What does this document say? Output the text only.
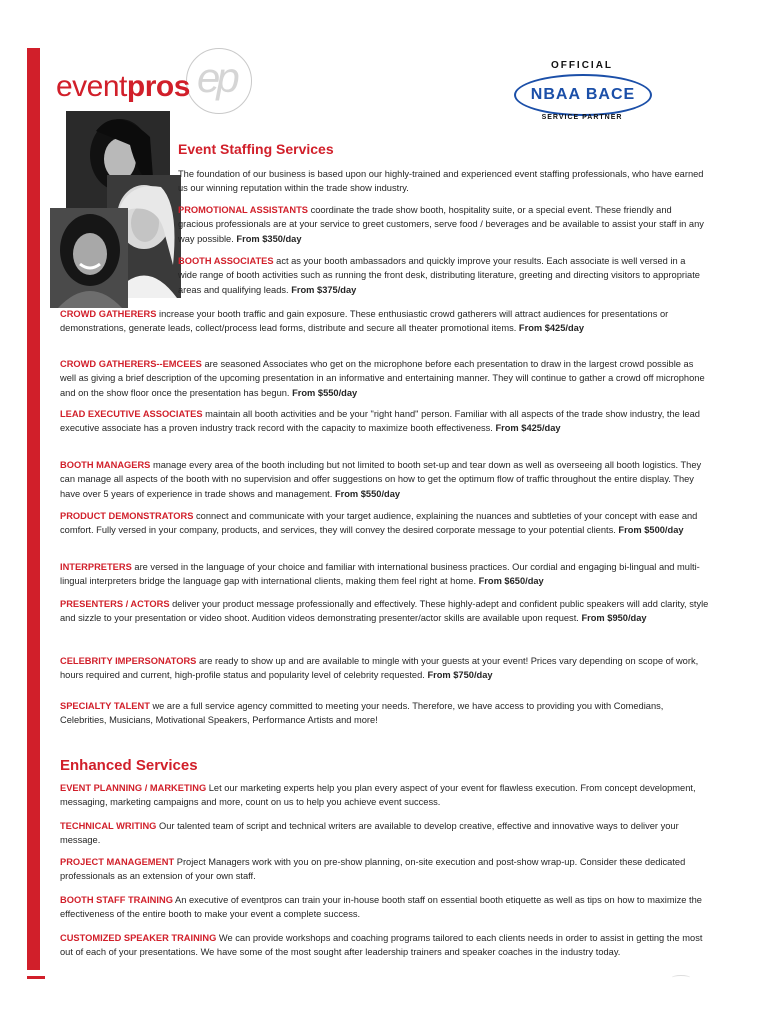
ep
eventpros
OFFICIAL
NBAA BACE
SERVICE PARTNER
Event Staffing Services
The foundation of our business is based upon our highly-trained and experienced event staffing professionals, who have earned us our winning reputation within the trade show industry.
PROMOTIONAL ASSISTANTS coordinate the trade show booth, hospitality suite, or a special event. These friendly and gracious professionals are at your service to greet customers, serve food / beverages and be available to assist your staff in any way possible. From $350/day
BOOTH ASSOCIATES act as your booth ambassadors and quickly improve your results. Each associate is well versed in a wide range of booth activities such as running the front desk, distributing literature, greeting and directing visitors to appropriate areas and qualifying leads. From $375/day
CROWD GATHERERS increase your booth traffic and gain exposure. These enthusiastic crowd gatherers will attract audiences for presentations or demonstrations, generate leads, collect/process lead forms, distribute and secure all theater promotional items. From $425/day
CROWD GATHERERS--EMCEES are seasoned Associates who get on the microphone before each presentation to draw in the largest crowd possible as well as giving a brief description of the upcoming presentation in an informative and entertaining manner. They will continue to gather a crowd off microphone and on the show floor once the presentation has begun. From $550/day
LEAD EXECUTIVE ASSOCIATES maintain all booth activities and be your "right hand" person. Familiar with all aspects of the trade show industry, the lead executive associate has a proven industry track record with the capacity to maximize booth effectiveness. From $425/day
BOOTH MANAGERS manage every area of the booth including but not limited to booth set-up and tear down as well as overseeing all booth logistics. They can manage all aspects of the booth with no supervision and offer suggestions on how to get the optimum flow of traffic throughout the entire display. They have over 5 years of experience in trade shows and management. From $550/day
PRODUCT DEMONSTRATORS connect and communicate with your target audience, explaining the nuances and subtleties of your concept with ease and comfort. Fully versed in your company, products, and services, they will convey the desired corporate message to your potential clients. From $500/day
INTERPRETERS are versed in the language of your choice and familiar with international business practices. Our cordial and engaging bi-lingual and multi-lingual interpreters bridge the language gap with international clients, making them feel right at home. From $650/day
PRESENTERS / ACTORS deliver your product message professionally and effectively. These highly-adept and confident public speakers will add clarity, style and sizzle to your presentation or video shoot. Audition videos demonstrating presenter/actor skills are available upon request. From $950/day
CELEBRITY IMPERSONATORS are ready to show up and are available to mingle with your guests at your event! Prices vary depending on scope of work, hours required and current, high-profile status and popularity level of celebrity requested. From $750/day
SPECIALTY TALENT we are a full service agency committed to meeting your needs. Therefore, we have access to providing you with Comedians, Celebrities, Musicians, Motivational Speakers, Performance Artists and more!
Enhanced Services
EVENT PLANNING / MARKETING Let our marketing experts help you plan every aspect of your event for flawless execution. From concept development, messaging, marketing campaigns and more, count on us to help you achieve event success.
TECHNICAL WRITING Our talented team of script and technical writers are available to develop creative, effective and innovative ways to deliver your message.
PROJECT MANAGEMENT Project Managers work with you on pre-show planning, on-site execution and post-show wrap-up. Consider these dedicated professionals as an extension of your own staff.
BOOTH STAFF TRAINING An executive of eventpros can train your in-house booth staff on essential booth etiquette as well as tips on how to maximize the effectiveness of the entire booth to make your event a complete success.
CUSTOMIZED SPEAKER TRAINING We can provide workshops and coaching programs tailored to each clients needs in order to assist in getting the most out of each of your presentations. We have some of the most sought after leadership trainers and speaker coaches in the industry today.
